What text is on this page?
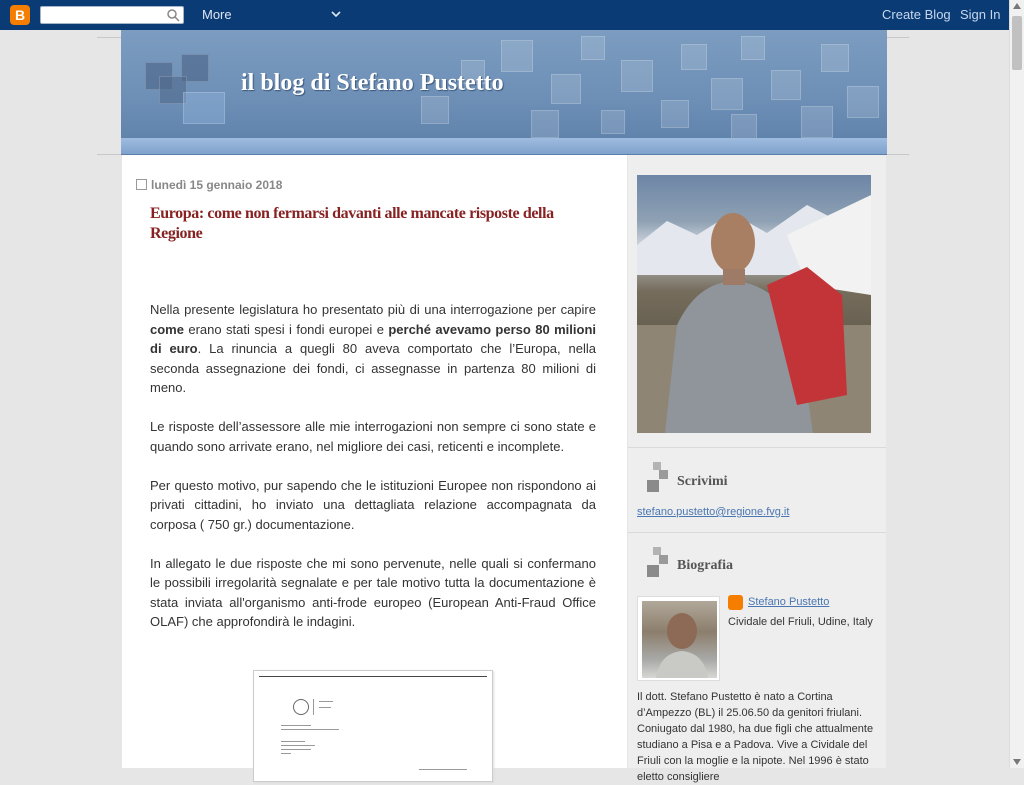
B	More	Create Blog Sign In
il blog di Stefano Pustetto
lunedì 15 gennaio 2018
Europa: come non fermarsi davanti alle mancate risposte della Regione

Nella presente legislatura ho presentato più di una interrogazione per capire come erano stati spesi i fondi europei e perché avevamo perso 80 milioni di euro. La rinuncia a quegli 80 aveva comportato che l’Europa, nella seconda assegnazione dei fondi, ci assegnasse in partenza 80 milioni di meno.

Le risposte dell’assessore alle mie interrogazioni non sempre ci sono state e quando sono arrivate erano, nel migliore dei casi, reticenti e incomplete.

Per questo motivo, pur sapendo che le istituzioni Europee non rispondono ai privati cittadini, ho inviato una dettagliata relazione accompagnata da corposa ( 750 gr.) documentazione.

In allegato le due risposte che mi sono pervenute, nelle quali si confermano le possibili irregolarità segnalate e per tale motivo tutta la documentazione è stata inviata all'organismo anti-frode europeo (European Anti-Fraud Office OLAF) che approfondirà le indagini.

Scrivimi
stefano.pustetto@regione.fvg.it
Biografia
Stefano Pustetto
Cividale del Friuli, Udine, Italy
Il dott. Stefano Pustetto è nato a Cortina d’Ampezzo (BL) il 25.06.50 da genitori friulani. Coniugato dal 1980, ha due figli che attualmente studiano a Pisa e a Padova. Vive a Cividale del Friuli con la moglie e la nipote. Nel 1996 è stato eletto consigliere
